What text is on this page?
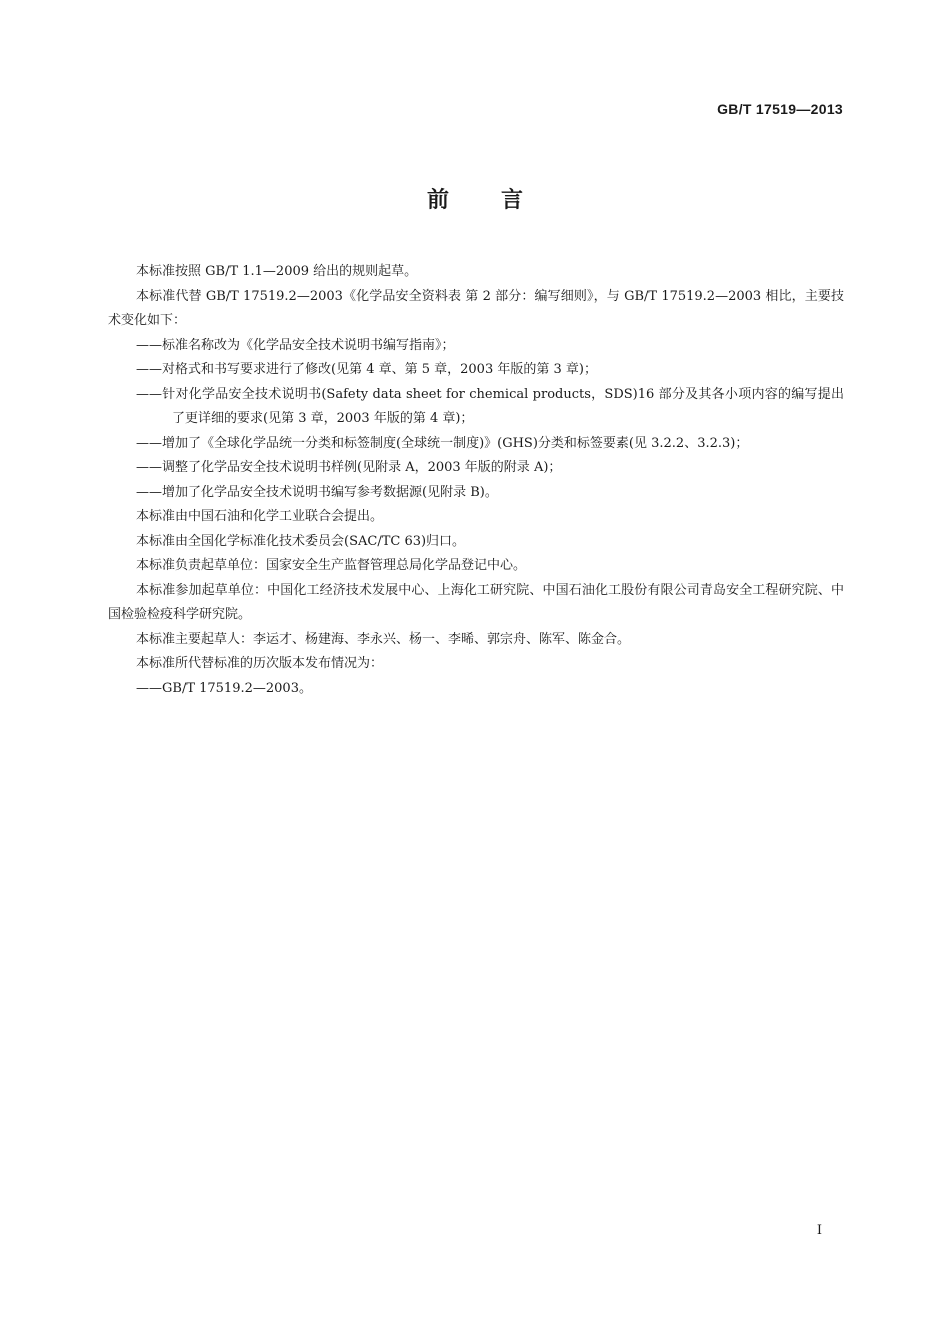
GB/T 17519—2013
前 言

本标准按照 GB/T 1.1—2009 给出的规则起草。

本标准代替 GB/T 17519.2—2003《化学品安全资料表 第 2 部分：编写细则》，与 GB/T 17519.2—2003 相比，主要技术变化如下：

——标准名称改为《化学品安全技术说明书编写指南》；

——对格式和书写要求进行了修改(见第 4 章、第 5 章，2003 年版的第 3 章)；

——针对化学品安全技术说明书(Safety data sheet for chemical products，SDS)16 部分及其各小项内容的编写提出了更详细的要求(见第 3 章，2003 年版的第 4 章)；

——增加了《全球化学品统一分类和标签制度(全球统一制度)》(GHS)分类和标签要素(见 3.2.2、3.2.3)；

——调整了化学品安全技术说明书样例(见附录 A，2003 年版的附录 A)；

——增加了化学品安全技术说明书编写参考数据源(见附录 B)。

本标准由中国石油和化学工业联合会提出。

本标准由全国化学标准化技术委员会(SAC/TC 63)归口。

本标准负责起草单位：国家安全生产监督管理总局化学品登记中心。

本标准参加起草单位：中国化工经济技术发展中心、上海化工研究院、中国石油化工股份有限公司青岛安全工程研究院、中国检验检疫科学研究院。

本标准主要起草人：李运才、杨建海、李永兴、杨一、李晞、郭宗舟、陈军、陈金合。

本标准所代替标准的历次版本发布情况为：

——GB/T 17519.2—2003。

I
